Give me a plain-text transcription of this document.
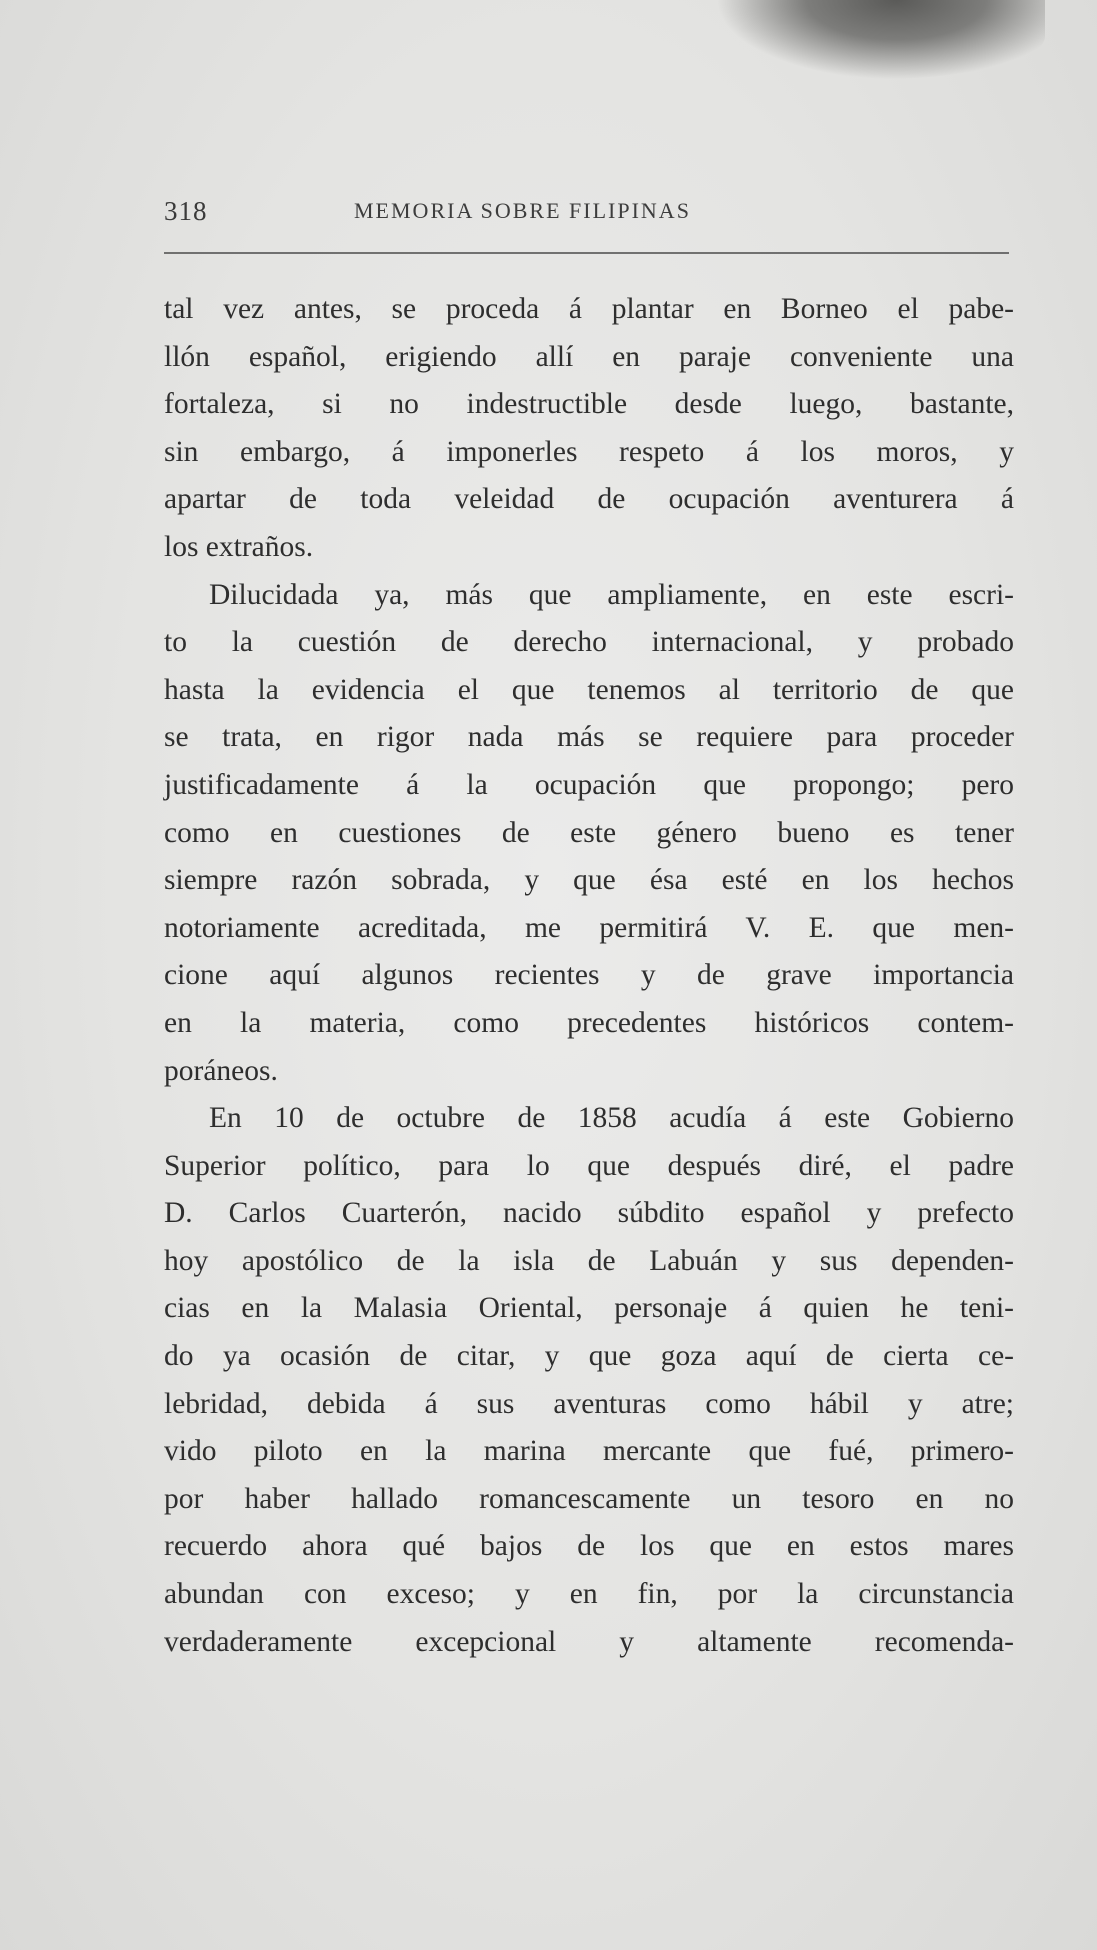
318	MEMORIA SOBRE FILIPINAS
tal vez antes, se proceda á plantar en Borneo el pabe-
llón español, erigiendo allí en paraje conveniente una
fortaleza, si no indestructible desde luego, bastante,
sin embargo, á imponerles respeto á los moros, y
apartar de toda veleidad de ocupación aventurera á
los extraños.
Dilucidada ya, más que ampliamente, en este escri-
to la cuestión de derecho internacional, y probado
hasta la evidencia el que tenemos al territorio de que
se trata, en rigor nada más se requiere para proceder
justificadamente á la ocupación que propongo; pero
como en cuestiones de este género bueno es tener
siempre razón sobrada, y que ésa esté en los hechos
notoriamente acreditada, me permitirá V. E. que men-
cione aquí algunos recientes y de grave importancia
en la materia, como precedentes históricos contem-
poráneos.
En 10 de octubre de 1858 acudía á este Gobierno
Superior político, para lo que después diré, el padre
D. Carlos Cuarterón, nacido súbdito español y prefecto
hoy apostólico de la isla de Labuán y sus dependen-
cias en la Malasia Oriental, personaje á quien he teni-
do ya ocasión de citar, y que goza aquí de cierta ce-
lebridad, debida á sus aventuras como hábil y atre;
vido piloto en la marina mercante que fué, primero-
por haber hallado romancescamente un tesoro en no
recuerdo ahora qué bajos de los que en estos mares
abundan con exceso; y en fin, por la circunstancia
verdaderamente excepcional y altamente recomenda-
